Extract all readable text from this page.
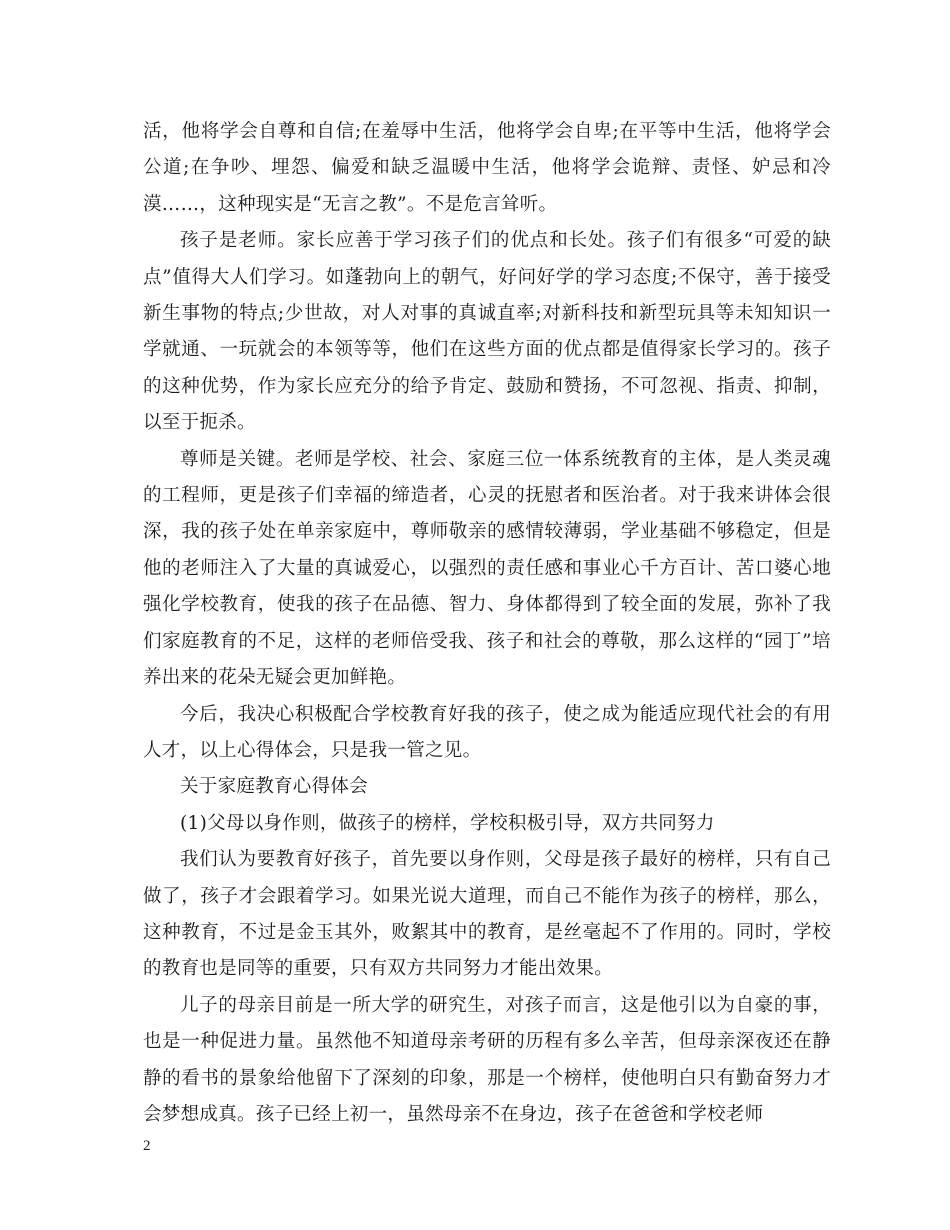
活，他将学会自尊和自信;在羞辱中生活，他将学会自卑;在平等中生活，他将学会公道;在争吵、埋怨、偏爱和缺乏温暖中生活，他将学会诡辩、责怪、妒忌和冷漠……，这种现实是“无言之教”。不是危言耸听。

孩子是老师。家长应善于学习孩子们的优点和长处。孩子们有很多“可爱的缺点”值得大人们学习。如蓬勃向上的朝气，好问好学的学习态度;不保守，善于接受新生事物的特点;少世故，对人对事的真诚直率;对新科技和新型玩具等未知知识一学就通、一玩就会的本领等等，他们在这些方面的优点都是值得家长学习的。孩子的这种优势，作为家长应充分的给予肯定、鼓励和赞扬，不可忽视、指责、抑制，以至于扼杀。

尊师是关键。老师是学校、社会、家庭三位一体系统教育的主体，是人类灵魂的工程师，更是孩子们幸福的缔造者，心灵的抚慰者和医治者。对于我来讲体会很深，我的孩子处在单亲家庭中，尊师敬亲的感情较薄弱，学业基础不够稳定，但是他的老师注入了大量的真诚爱心，以强烈的责任感和事业心千方百计、苦口婆心地强化学校教育，使我的孩子在品德、智力、身体都得到了较全面的发展，弥补了我们家庭教育的不足，这样的老师倍受我、孩子和社会的尊敬，那么这样的“园丁”培养出来的花朵无疑会更加鲜艳。

今后，我决心积极配合学校教育好我的孩子，使之成为能适应现代社会的有用人才，以上心得体会，只是我一管之见。

关于家庭教育心得体会

(1)父母以身作则，做孩子的榜样，学校积极引导，双方共同努力

我们认为要教育好孩子，首先要以身作则，父母是孩子最好的榜样，只有自己做了，孩子才会跟着学习。如果光说大道理，而自己不能作为孩子的榜样，那么，这种教育，不过是金玉其外，败絮其中的教育，是丝毫起不了作用的。同时，学校的教育也是同等的重要，只有双方共同努力才能出效果。

儿子的母亲目前是一所大学的研究生，对孩子而言，这是他引以为自豪的事，也是一种促进力量。虽然他不知道母亲考研的历程有多么辛苦，但母亲深夜还在静静的看书的景象给他留下了深刻的印象，那是一个榜样，使他明白只有勤奋努力才会梦想成真。孩子已经上初一，虽然母亲不在身边，孩子在爸爸和学校老师

2
